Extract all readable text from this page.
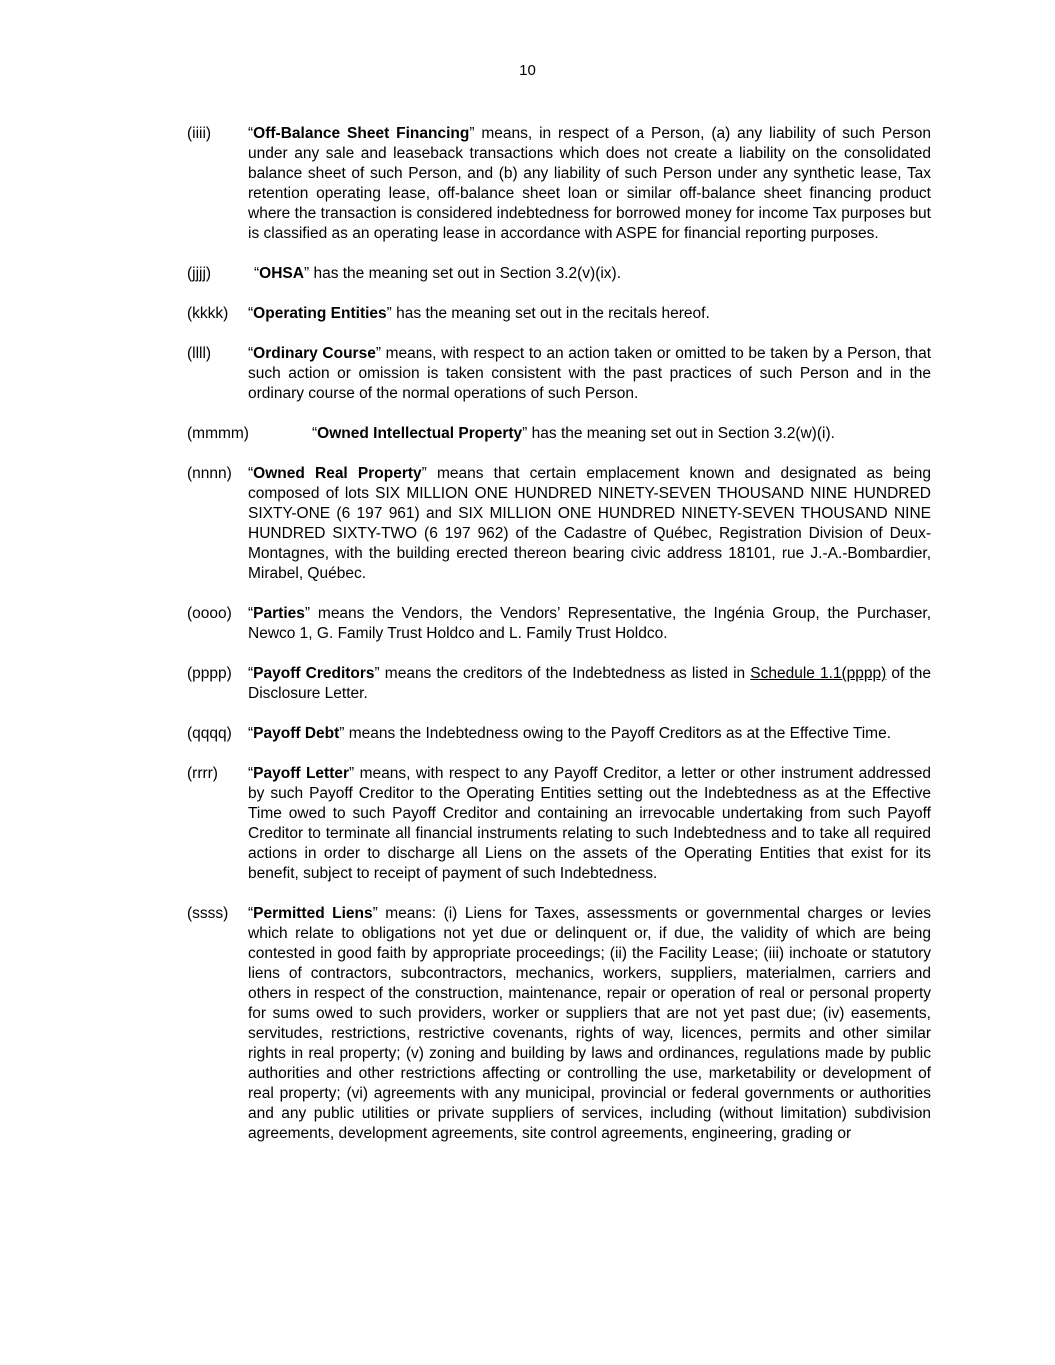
10
(iiii) “Off-Balance Sheet Financing” means, in respect of a Person, (a) any liability of such Person under any sale and leaseback transactions which does not create a liability on the consolidated balance sheet of such Person, and (b) any liability of such Person under any synthetic lease, Tax retention operating lease, off-balance sheet loan or similar off-balance sheet financing product where the transaction is considered indebtedness for borrowed money for income Tax purposes but is classified as an operating lease in accordance with ASPE for financial reporting purposes.
(jjjj)	“OHSA” has the meaning set out in Section 3.2(v)(ix).
(kkkk) “Operating Entities” has the meaning set out in the recitals hereof.
(llll) “Ordinary Course” means, with respect to an action taken or omitted to be taken by a Person, that such action or omission is taken consistent with the past practices of such Person and in the ordinary course of the normal operations of such Person.
(mmmm)	“Owned Intellectual Property” has the meaning set out in Section 3.2(w)(i).
(nnnn) “Owned Real Property” means that certain emplacement known and designated as being composed of lots SIX MILLION ONE HUNDRED NINETY-SEVEN THOUSAND NINE HUNDRED SIXTY-ONE (6 197 961) and SIX MILLION ONE HUNDRED NINETY-SEVEN THOUSAND NINE HUNDRED SIXTY-TWO (6 197 962) of the Cadastre of Québec, Registration Division of Deux-Montagnes, with the building erected thereon bearing civic address 18101, rue J.-A.-Bombardier, Mirabel, Québec.
(oooo) “Parties” means the Vendors, the Vendors’ Representative, the Ingénia Group, the Purchaser, Newco 1, G. Family Trust Holdco and L. Family Trust Holdco.
(pppp) “Payoff Creditors” means the creditors of the Indebtedness as listed in Schedule 1.1(pppp) of the Disclosure Letter.
(qqqq) “Payoff Debt” means the Indebtedness owing to the Payoff Creditors as at the Effective Time.
(rrrr) “Payoff Letter” means, with respect to any Payoff Creditor, a letter or other instrument addressed by such Payoff Creditor to the Operating Entities setting out the Indebtedness as at the Effective Time owed to such Payoff Creditor and containing an irrevocable undertaking from such Payoff Creditor to terminate all financial instruments relating to such Indebtedness and to take all required actions in order to discharge all Liens on the assets of the Operating Entities that exist for its benefit, subject to receipt of payment of such Indebtedness.
(ssss) “Permitted Liens” means: (i) Liens for Taxes, assessments or governmental charges or levies which relate to obligations not yet due or delinquent or, if due, the validity of which are being contested in good faith by appropriate proceedings; (ii) the Facility Lease; (iii) inchoate or statutory liens of contractors, subcontractors, mechanics, workers, suppliers, materialmen, carriers and others in respect of the construction, maintenance, repair or operation of real or personal property for sums owed to such providers, worker or suppliers that are not yet past due; (iv) easements, servitudes, restrictions, restrictive covenants, rights of way, licences, permits and other similar rights in real property; (v) zoning and building by laws and ordinances, regulations made by public authorities and other restrictions affecting or controlling the use, marketability or development of real property; (vi) agreements with any municipal, provincial or federal governments or authorities and any public utilities or private suppliers of services, including (without limitation) subdivision agreements, development agreements, site control agreements, engineering, grading or
